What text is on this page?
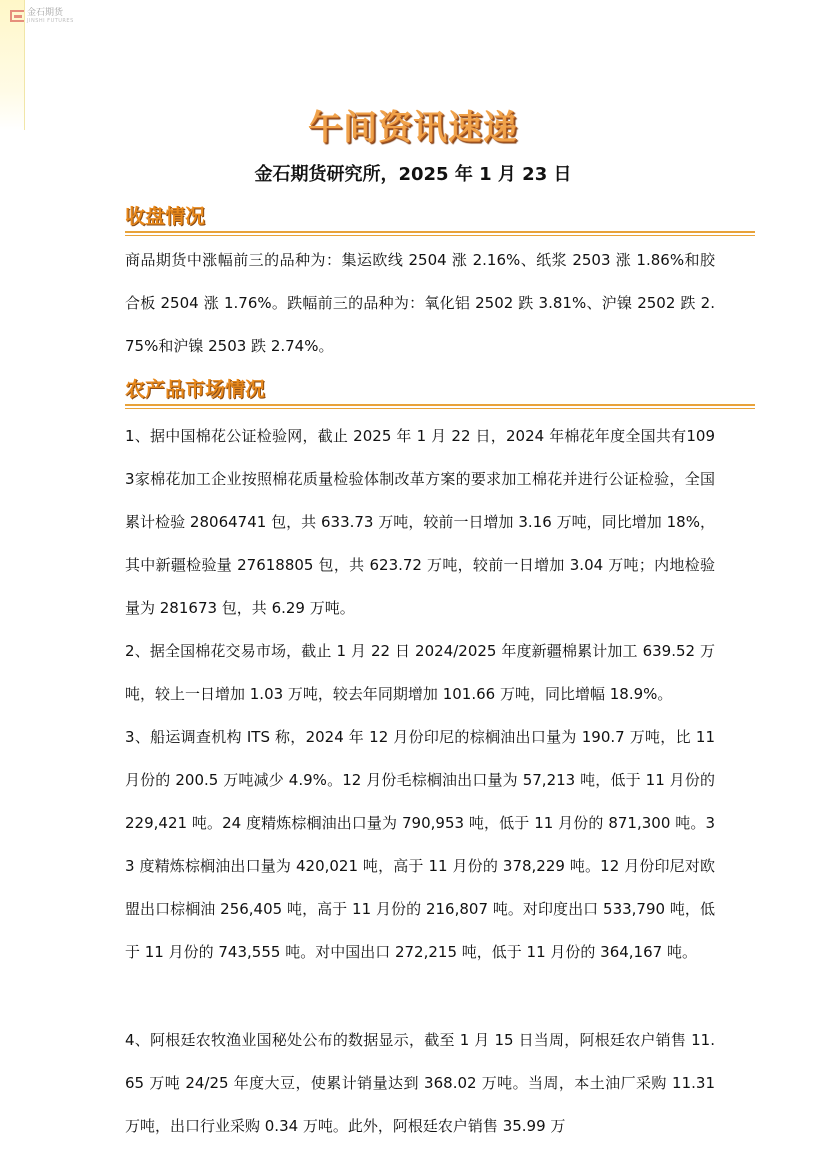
金石期货
JINSHI FUTURES
午间资讯速递
金石期货研究所，2025 年 1 月 23 日
收盘情况
商品期货中涨幅前三的品种为：集运欧线 2504 涨 2.16%、纸浆 2503 涨 1.86%和胶合板 2504 涨 1.76%。跌幅前三的品种为：氧化铝 2502 跌 3.81%、沪镍 2502 跌 2.75%和沪镍 2503 跌 2.74%。
农产品市场情况
1、据中国棉花公证检验网，截止 2025 年 1 月 22 日，2024 年棉花年度全国共有1093家棉花加工企业按照棉花质量检验体制改革方案的要求加工棉花并进行公证检验，全国累计检验 28064741 包，共 633.73 万吨，较前一日增加 3.16 万吨，同比增加 18%，其中新疆检验量 27618805 包，共 623.72 万吨，较前一日增加 3.04 万吨；内地检验量为 281673 包，共 6.29 万吨。
2、据全国棉花交易市场，截止 1 月 22 日 2024/2025 年度新疆棉累计加工 639.52 万吨，较上一日增加 1.03 万吨，较去年同期增加 101.66 万吨，同比增幅 18.9%。
3、船运调查机构 ITS 称，2024 年 12 月份印尼的棕榈油出口量为 190.7 万吨，比 11 月份的 200.5 万吨减少 4.9%。12 月份毛棕榈油出口量为 57,213 吨，低于 11 月份的 229,421 吨。24 度精炼棕榈油出口量为 790,953 吨，低于 11 月份的 871,300 吨。33 度精炼棕榈油出口量为 420,021 吨，高于 11 月份的 378,229 吨。12 月份印尼对欧盟出口棕榈油 256,405 吨，高于 11 月份的 216,807 吨。对印度出口 533,790 吨，低于 11 月份的 743,555 吨。对中国出口 272,215 吨，低于 11 月份的 364,167 吨。
4、阿根廷农牧渔业国秘处公布的数据显示，截至 1 月 15 日当周，阿根廷农户销售 11.65 万吨 24/25 年度大豆，使累计销量达到 368.02 万吨。当周，本土油厂采购 11.31 万吨，出口行业采购 0.34 万吨。此外，阿根廷农户销售 35.99 万
